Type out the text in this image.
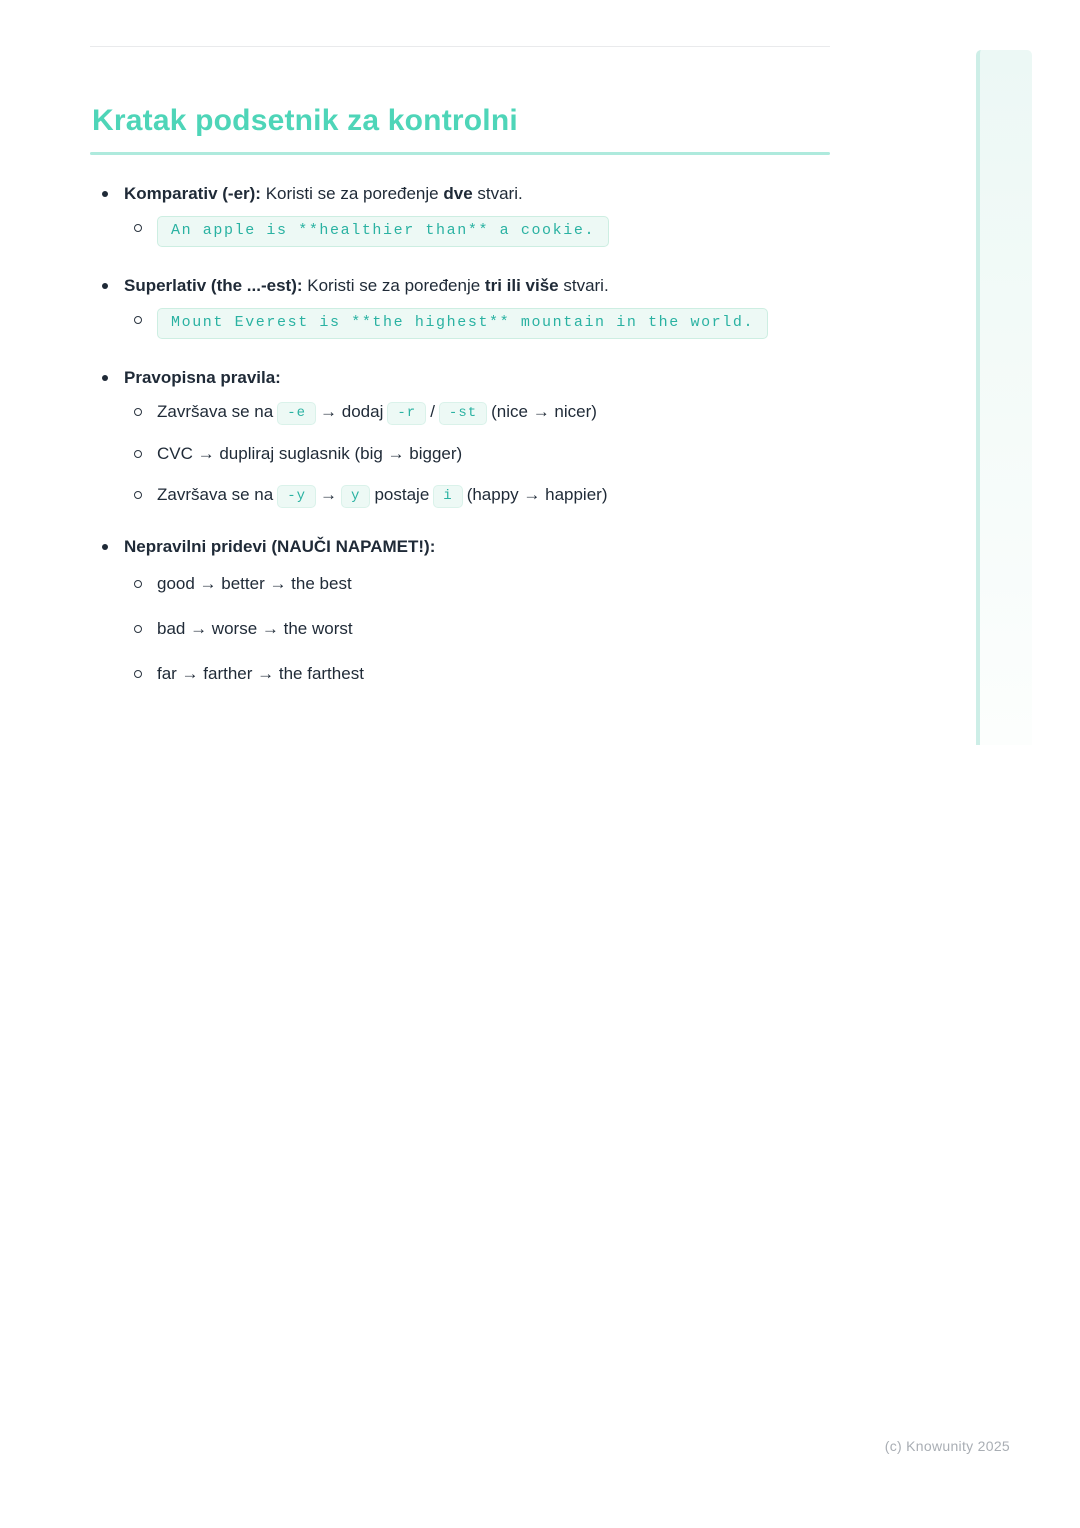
Kratak podsetnik za kontrolni
Komparativ (-er): Koristi se za poređenje dve stvari.
An apple is **healthier than** a cookie.
Superlativ (the ...-est): Koristi se za poređenje tri ili više stvari.
Mount Everest is **the highest** mountain in the world.
Pravopisna pravila:
Završava se na -e → dodaj -r / -st (nice → nicer)
CVC → dupliraj suglasnik (big → bigger)
Završava se na -y → y postaje i (happy → happier)
Nepravilni pridevi (NAUČI NAPAMET!):
good → better → the best
bad → worse → the worst
far → farther → the farthest
(c) Knowunity 2025
